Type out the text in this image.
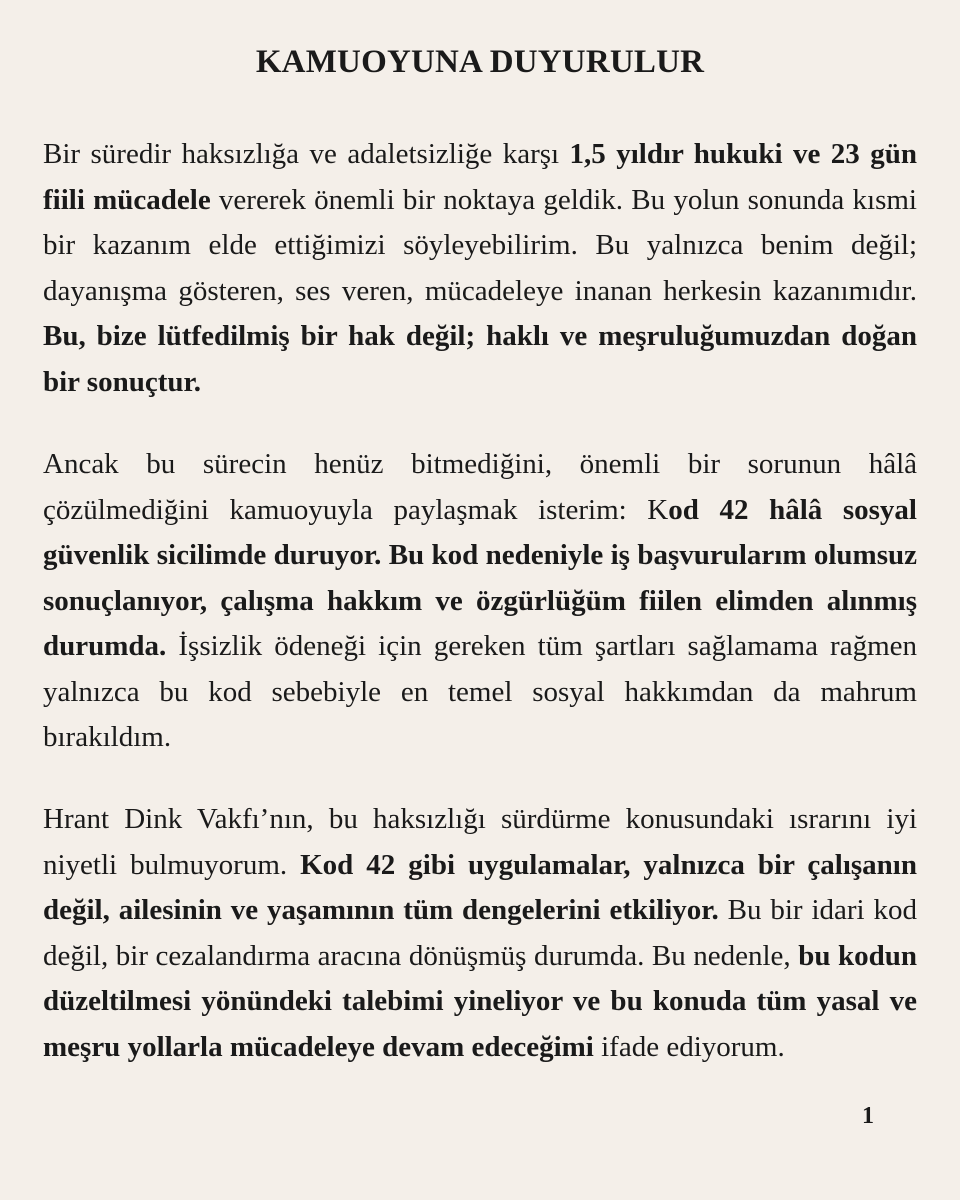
KAMUOYUNA DUYURULUR

Bir süredir haksızlığa ve adaletsizliğe karşı 1,5 yıldır hukuki ve 23 gün fiili mücadele vererek önemli bir noktaya geldik. Bu yolun sonunda kısmi bir kazanım elde ettiğimizi söyleyebilirim. Bu yalnızca benim değil; dayanışma gösteren, ses veren, mücadeleye inanan herkesin kazanımıdır. Bu, bize lütfedilmiş bir hak değil; haklı ve meşruluğumuzdan doğan bir sonuçtur.

Ancak bu sürecin henüz bitmediğini, önemli bir sorunun hâlâ çözülmediğini kamuoyuyla paylaşmak isterim: Kod 42 hâlâ sosyal güvenlik sicilimde duruyor. Bu kod nedeniyle iş başvurularım olumsuz sonuçlanıyor, çalışma hakkım ve özgürlüğüm fiilen elimden alınmış durumda. İşsizlik ödeneği için gereken tüm şartları sağlamama rağmen yalnızca bu kod sebebiyle en temel sosyal hakkımdan da mahrum bırakıldım.

Hrant Dink Vakfı’nın, bu haksızlığı sürdürme konusundaki ısrarını iyi niyetli bulmuyorum. Kod 42 gibi uygulamalar, yalnızca bir çalışanın değil, ailesinin ve yaşamının tüm dengelerini etkiliyor. Bu bir idari kod değil, bir cezalandırma aracına dönüşmüş durumda. Bu nedenle, bu kodun düzeltilmesi yönündeki talebimi yineliyor ve bu konuda tüm yasal ve meşru yollarla mücadeleye devam edeceğimi ifade ediyorum.

1
